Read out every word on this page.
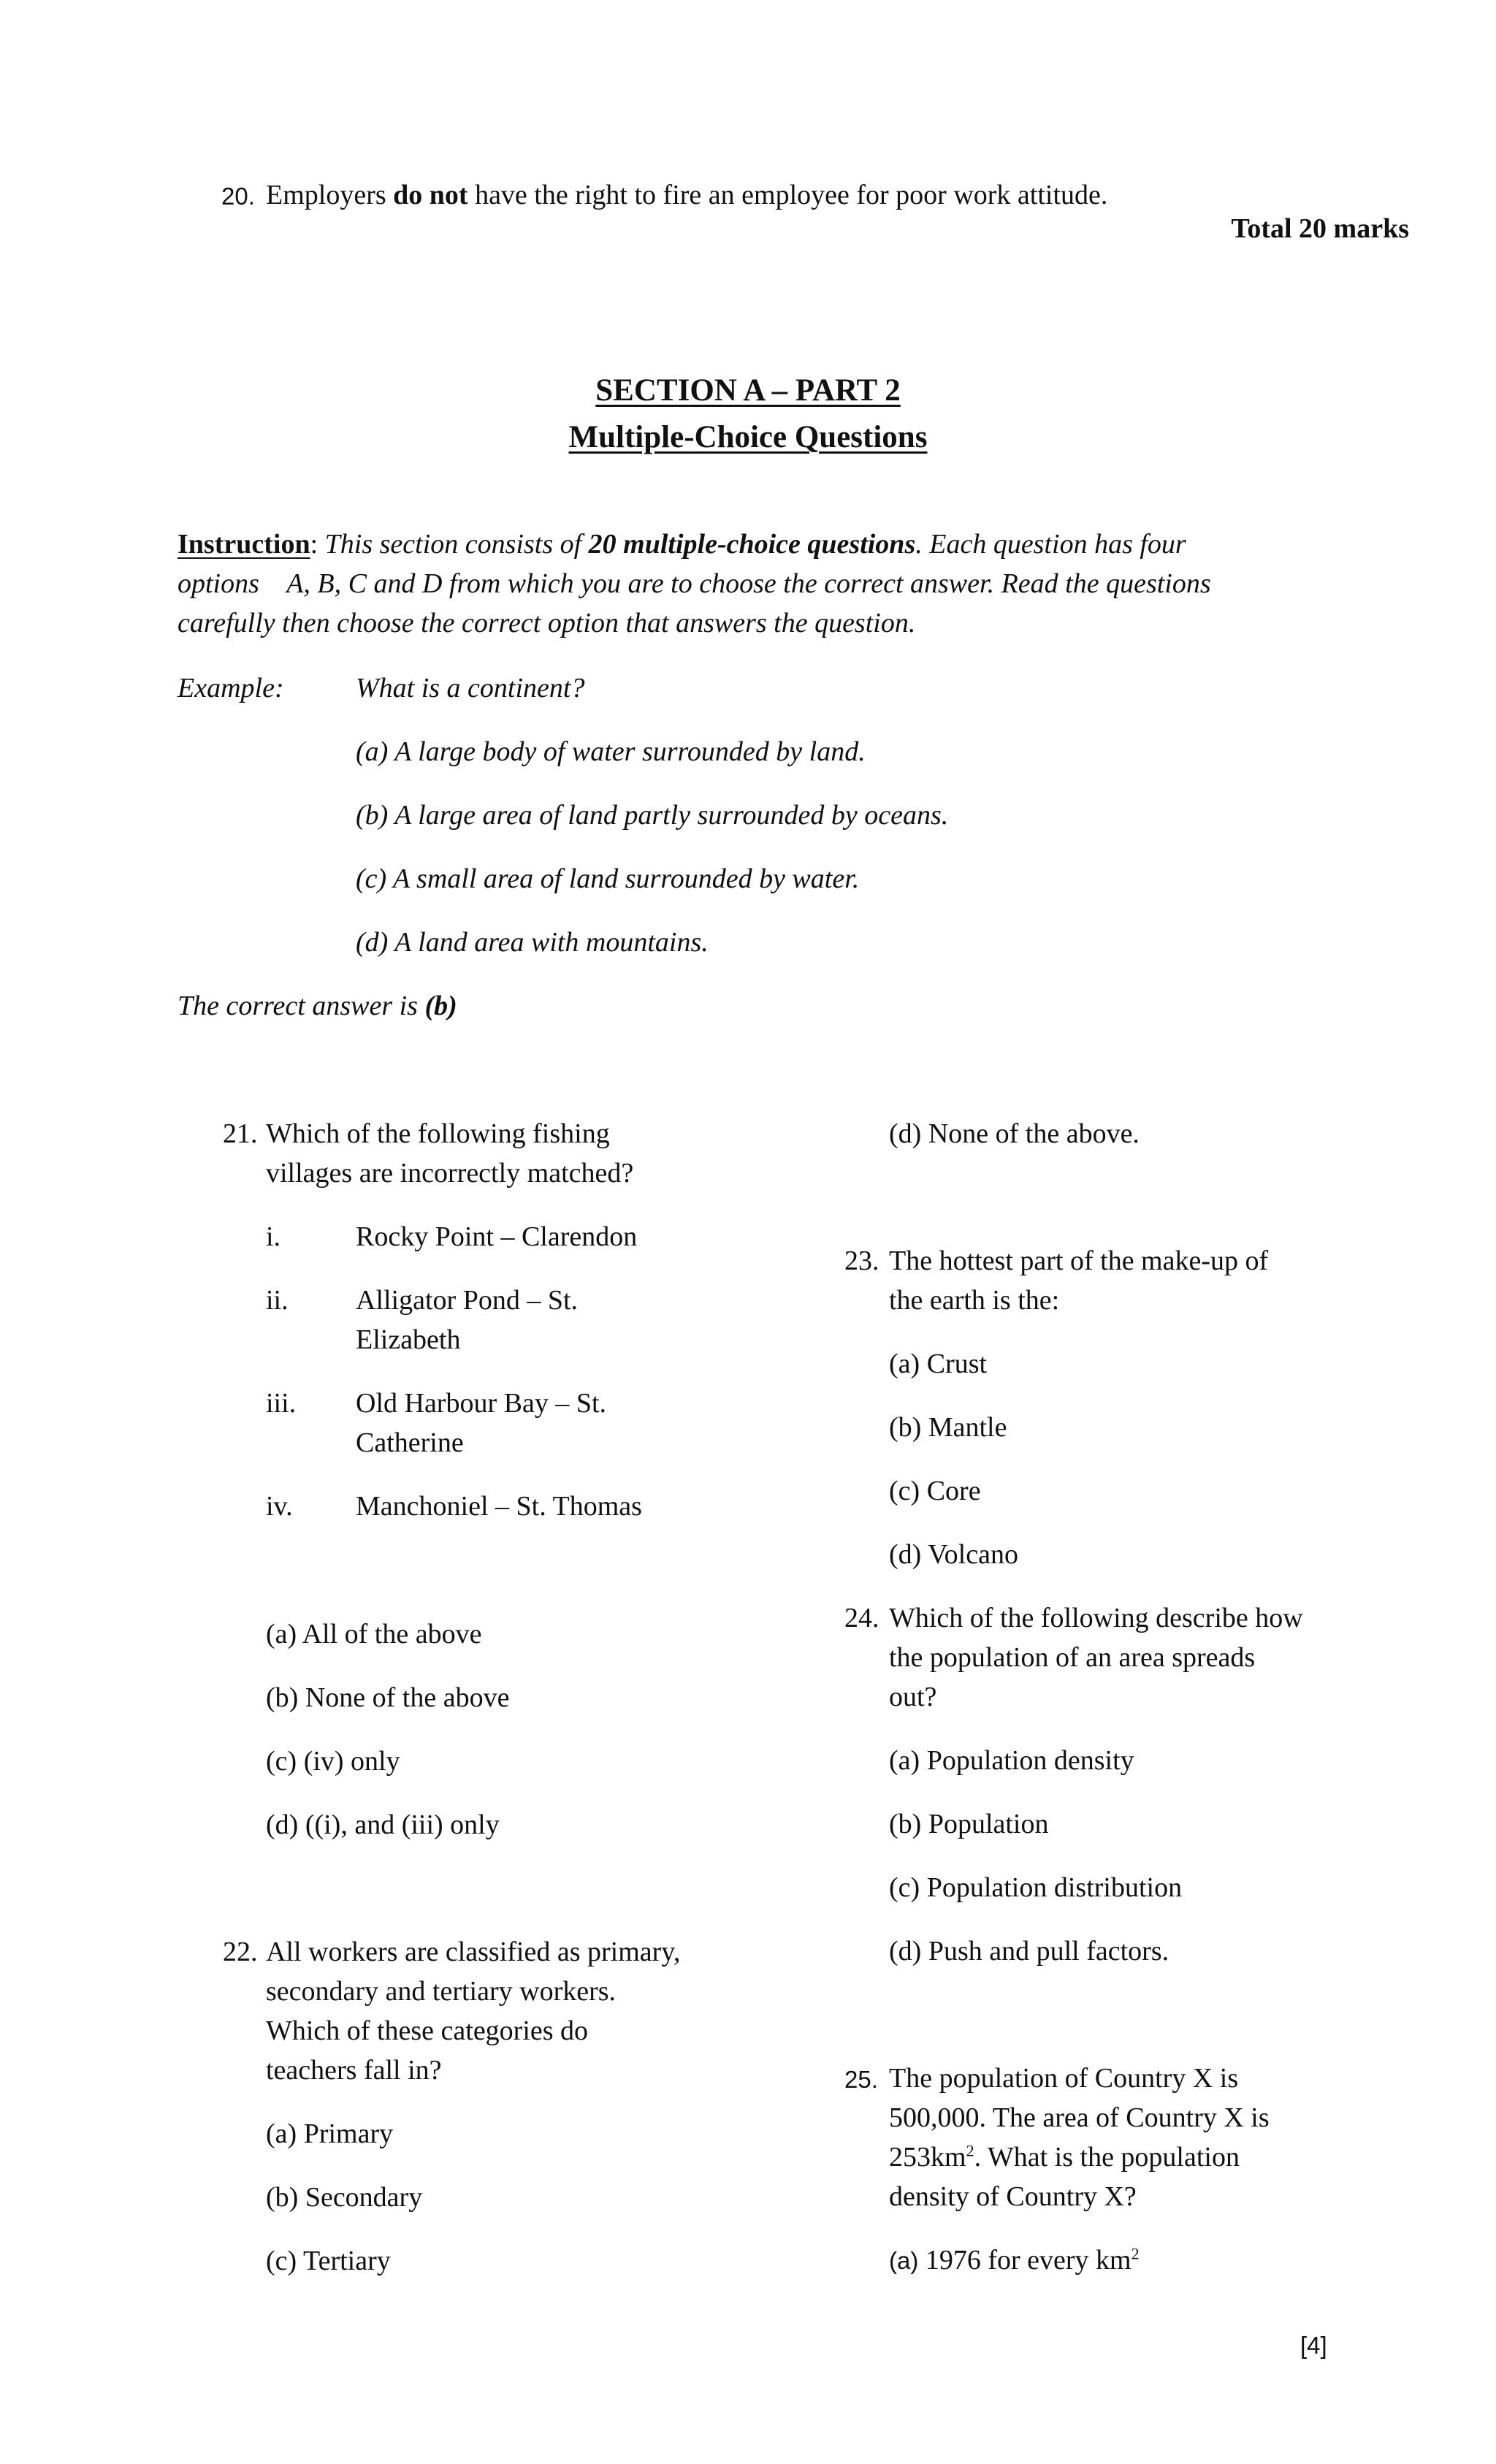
20. Employers do not have the right to fire an employee for poor work attitude.
Total 20 marks
SECTION A – PART 2
Multiple-Choice Questions
Instruction: This section consists of 20 multiple-choice questions. Each question has four
options    A, B, C and D from which you are to choose the correct answer. Read the questions
carefully then choose the correct option that answers the question.
Example:	What is a continent?
(a) A large body of water surrounded by land.
(b) A large area of land partly surrounded by oceans.
(c) A small area of land surrounded by water.
(d) A land area with mountains.
The correct answer is (b)
21. Which of the following fishing
villages are incorrectly matched?
i.	Rocky Point – Clarendon
ii. Alligator Pond – St.
Elizabeth
iii. Old Harbour Bay – St.
Catherine
iv. Manchoniel – St. Thomas
(a) All of the above
(b) None of the above
(c) (iv) only
(d) ((i), and (iii) only
22. All workers are classified as primary,
secondary and tertiary workers.
Which of these categories do
teachers fall in?
(a) Primary
(b) Secondary
(c) Tertiary
(d) None of the above.
23. The hottest part of the make-up of
the earth is the:
(a) Crust
(b) Mantle
(c) Core
(d) Volcano
24. Which of the following describe how
the population of an area spreads
out?
(a) Population density
(b) Population
(c) Population distribution
(d) Push and pull factors.
25. The population of Country X is
500,000. The area of Country X is
$253km^2$. What is the population
density of Country X?
(a) 1976 for every $km^2$
[4]
